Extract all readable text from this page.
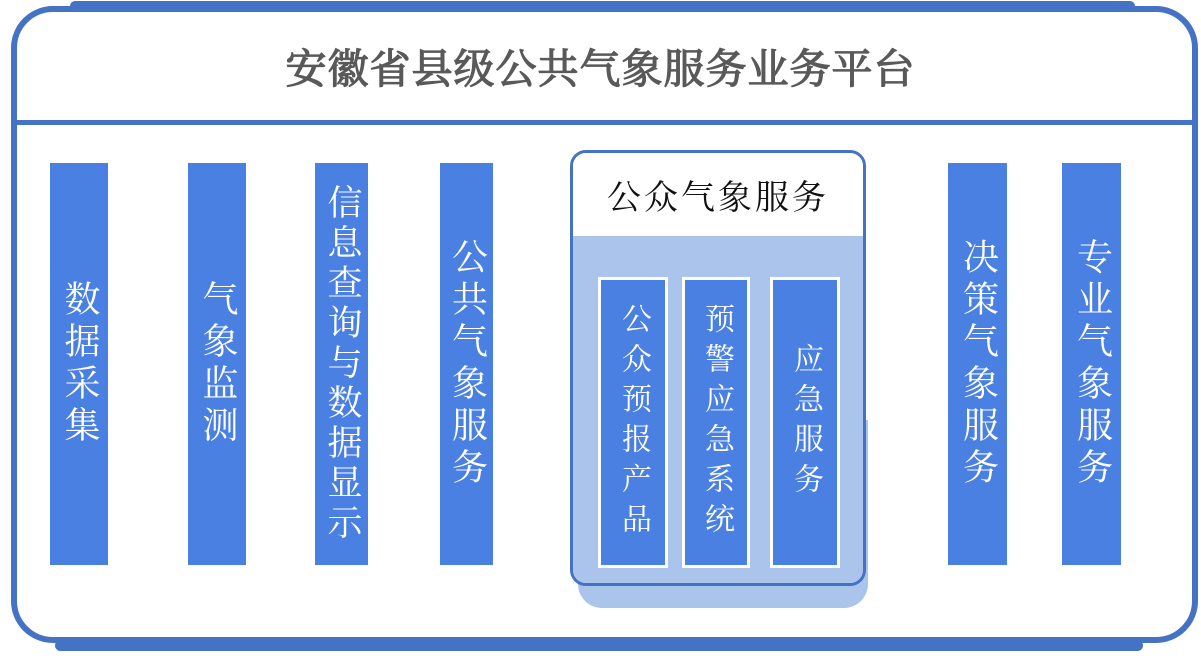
安徽省县级公共气象服务业务平台
数据采集	气象监测 信息查询与数据显示 公共气象服务
公众气象服务
公众预报产品 预警应急系统 应急服务	决策气象服务 专业气象服务
